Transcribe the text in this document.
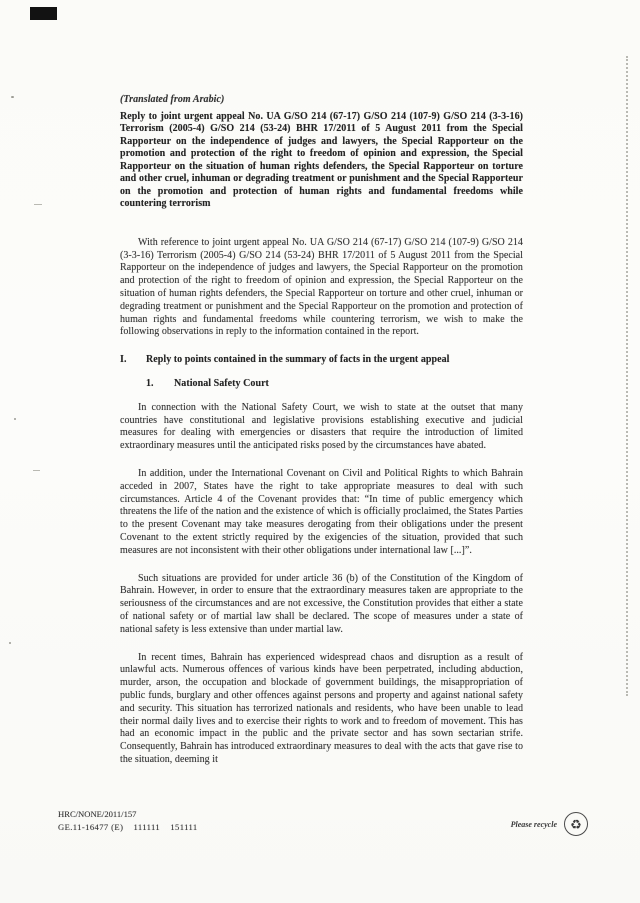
(Translated from Arabic)

Reply to joint urgent appeal No. UA G/SO 214 (67-17) G/SO 214 (107-9) G/SO 214 (3-3-16) Terrorism (2005-4) G/SO 214 (53-24) BHR 17/2011 of 5 August 2011 from the Special Rapporteur on the independence of judges and lawyers, the Special Rapporteur on the promotion and protection of the right to freedom of opinion and expression, the Special Rapporteur on the situation of human rights defenders, the Special Rapporteur on torture and other cruel, inhuman or degrading treatment or punishment and the Special Rapporteur on the promotion and protection of human rights and fundamental freedoms while countering terrorism

With reference to joint urgent appeal No. UA G/SO 214 (67-17) G/SO 214 (107-9) G/SO 214 (3-3-16) Terrorism (2005-4) G/SO 214 (53-24) BHR 17/2011 of 5 August 2011 from the Special Rapporteur on the independence of judges and lawyers, the Special Rapporteur on the promotion and protection of the right to freedom of opinion and expression, the Special Rapporteur on the situation of human rights defenders, the Special Rapporteur on torture and other cruel, inhuman or degrading treatment or punishment and the Special Rapporteur on the promotion and protection of human rights and fundamental freedoms while countering terrorism, we wish to make the following observations in reply to the information contained in the report.

I.	Reply to points contained in the summary of facts in the urgent appeal
1.	National Safety Court

In connection with the National Safety Court, we wish to state at the outset that many countries have constitutional and legislative provisions establishing executive and judicial measures for dealing with emergencies or disasters that require the introduction of limited extraordinary measures until the anticipated risks posed by the circumstances have abated.

In addition, under the International Covenant on Civil and Political Rights to which Bahrain acceded in 2007, States have the right to take appropriate measures to deal with such circumstances. Article 4 of the Covenant provides that: “In time of public emergency which threatens the life of the nation and the existence of which is officially proclaimed, the States Parties to the present Covenant may take measures derogating from their obligations under the present Covenant to the extent strictly required by the exigencies of the situation, provided that such measures are not inconsistent with their other obligations under international law [...]”.

Such situations are provided for under article 36 (b) of the Constitution of the Kingdom of Bahrain. However, in order to ensure that the extraordinary measures taken are appropriate to the seriousness of the circumstances and are not excessive, the Constitution provides that either a state of national safety or of martial law shall be declared. The scope of measures under a state of national safety is less extensive than under martial law.

In recent times, Bahrain has experienced widespread chaos and disruption as a result of unlawful acts. Numerous offences of various kinds have been perpetrated, including abduction, murder, arson, the occupation and blockade of government buildings, the misappropriation of public funds, burglary and other offences against persons and property and against national safety and security. This situation has terrorized nationals and residents, who have been unable to lead their normal daily lives and to exercise their rights to work and to freedom of movement. This has had an economic impact in the public and the private sector and has sown sectarian strife. Consequently, Bahrain has introduced extraordinary measures to deal with the acts that gave rise to the situation, deeming it

HRC/NONE/2011/157
GE.11-16477 (E)    111111    151111	Please recycle	♻
